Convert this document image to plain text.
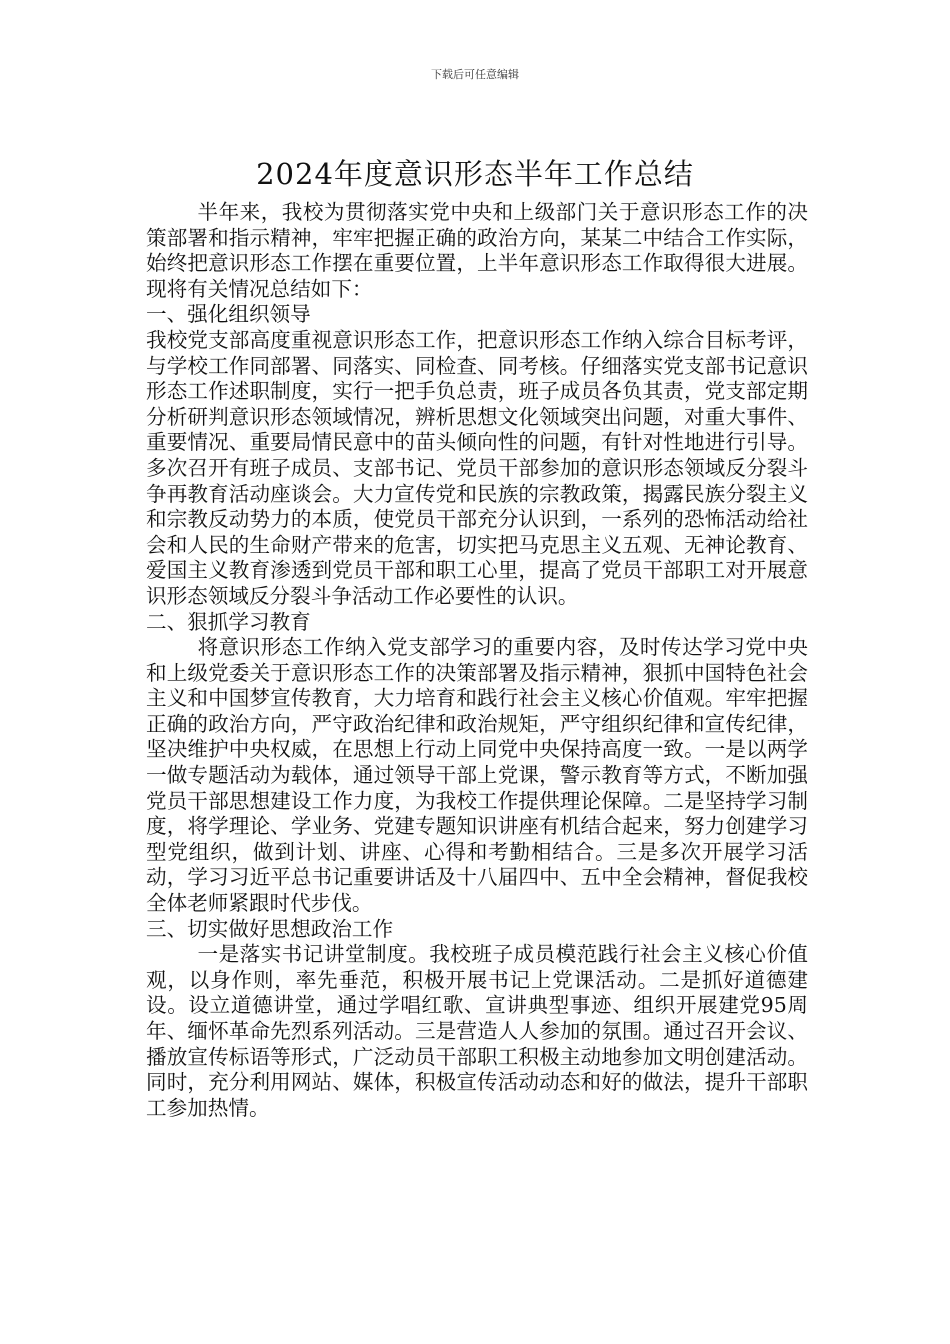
下载后可任意编辑
2024年度意识形态半年工作总结

半年来，我校为贯彻落实党中央和上级部门关于意识形态工作的决策部署和指示精神，牢牢把握正确的政治方向，某某二中结合工作实际，始终把意识形态工作摆在重要位置，上半年意识形态工作取得很大进展。现将有关情况总结如下：

一、强化组织领导

我校党支部高度重视意识形态工作，把意识形态工作纳入综合目标考评，与学校工作同部署、同落实、同检查、同考核。仔细落实党支部书记意识形态工作述职制度，实行一把手负总责，班子成员各负其责，党支部定期分析研判意识形态领域情况，辨析思想文化领域突出问题，对重大事件、重要情况、重要局情民意中的苗头倾向性的问题，有针对性地进行引导。多次召开有班子成员、支部书记、党员干部参加的意识形态领域反分裂斗争再教育活动座谈会。大力宣传党和民族的宗教政策，揭露民族分裂主义和宗教反动势力的本质，使党员干部充分认识到，一系列的恐怖活动给社会和人民的生命财产带来的危害，切实把马克思主义五观、无神论教育、爱国主义教育渗透到党员干部和职工心里，提高了党员干部职工对开展意识形态领域反分裂斗争活动工作必要性的认识。

二、狠抓学习教育

将意识形态工作纳入党支部学习的重要内容，及时传达学习党中央和上级党委关于意识形态工作的决策部署及指示精神，狠抓中国特色社会主义和中国梦宣传教育，大力培育和践行社会主义核心价值观。牢牢把握正确的政治方向，严守政治纪律和政治规矩，严守组织纪律和宣传纪律，坚决维护中央权威，在思想上行动上同党中央保持高度一致。一是以两学一做专题活动为载体，通过领导干部上党课，警示教育等方式，不断加强党员干部思想建设工作力度，为我校工作提供理论保障。二是坚持学习制度，将学理论、学业务、党建专题知识讲座有机结合起来，努力创建学习型党组织，做到计划、讲座、心得和考勤相结合。三是多次开展学习活动，学习习近平总书记重要讲话及十八届四中、五中全会精神，督促我校全体老师紧跟时代步伐。

三、切实做好思想政治工作

一是落实书记讲堂制度。我校班子成员模范践行社会主义核心价值观，以身作则，率先垂范，积极开展书记上党课活动。二是抓好道德建设。设立道德讲堂，通过学唱红歌、宣讲典型事迹、组织开展建党95周年、缅怀革命先烈系列活动。三是营造人人参加的氛围。通过召开会议、播放宣传标语等形式，广泛动员干部职工积极主动地参加文明创建活动。同时，充分利用网站、媒体，积极宣传活动动态和好的做法，提升干部职工参加热情。
